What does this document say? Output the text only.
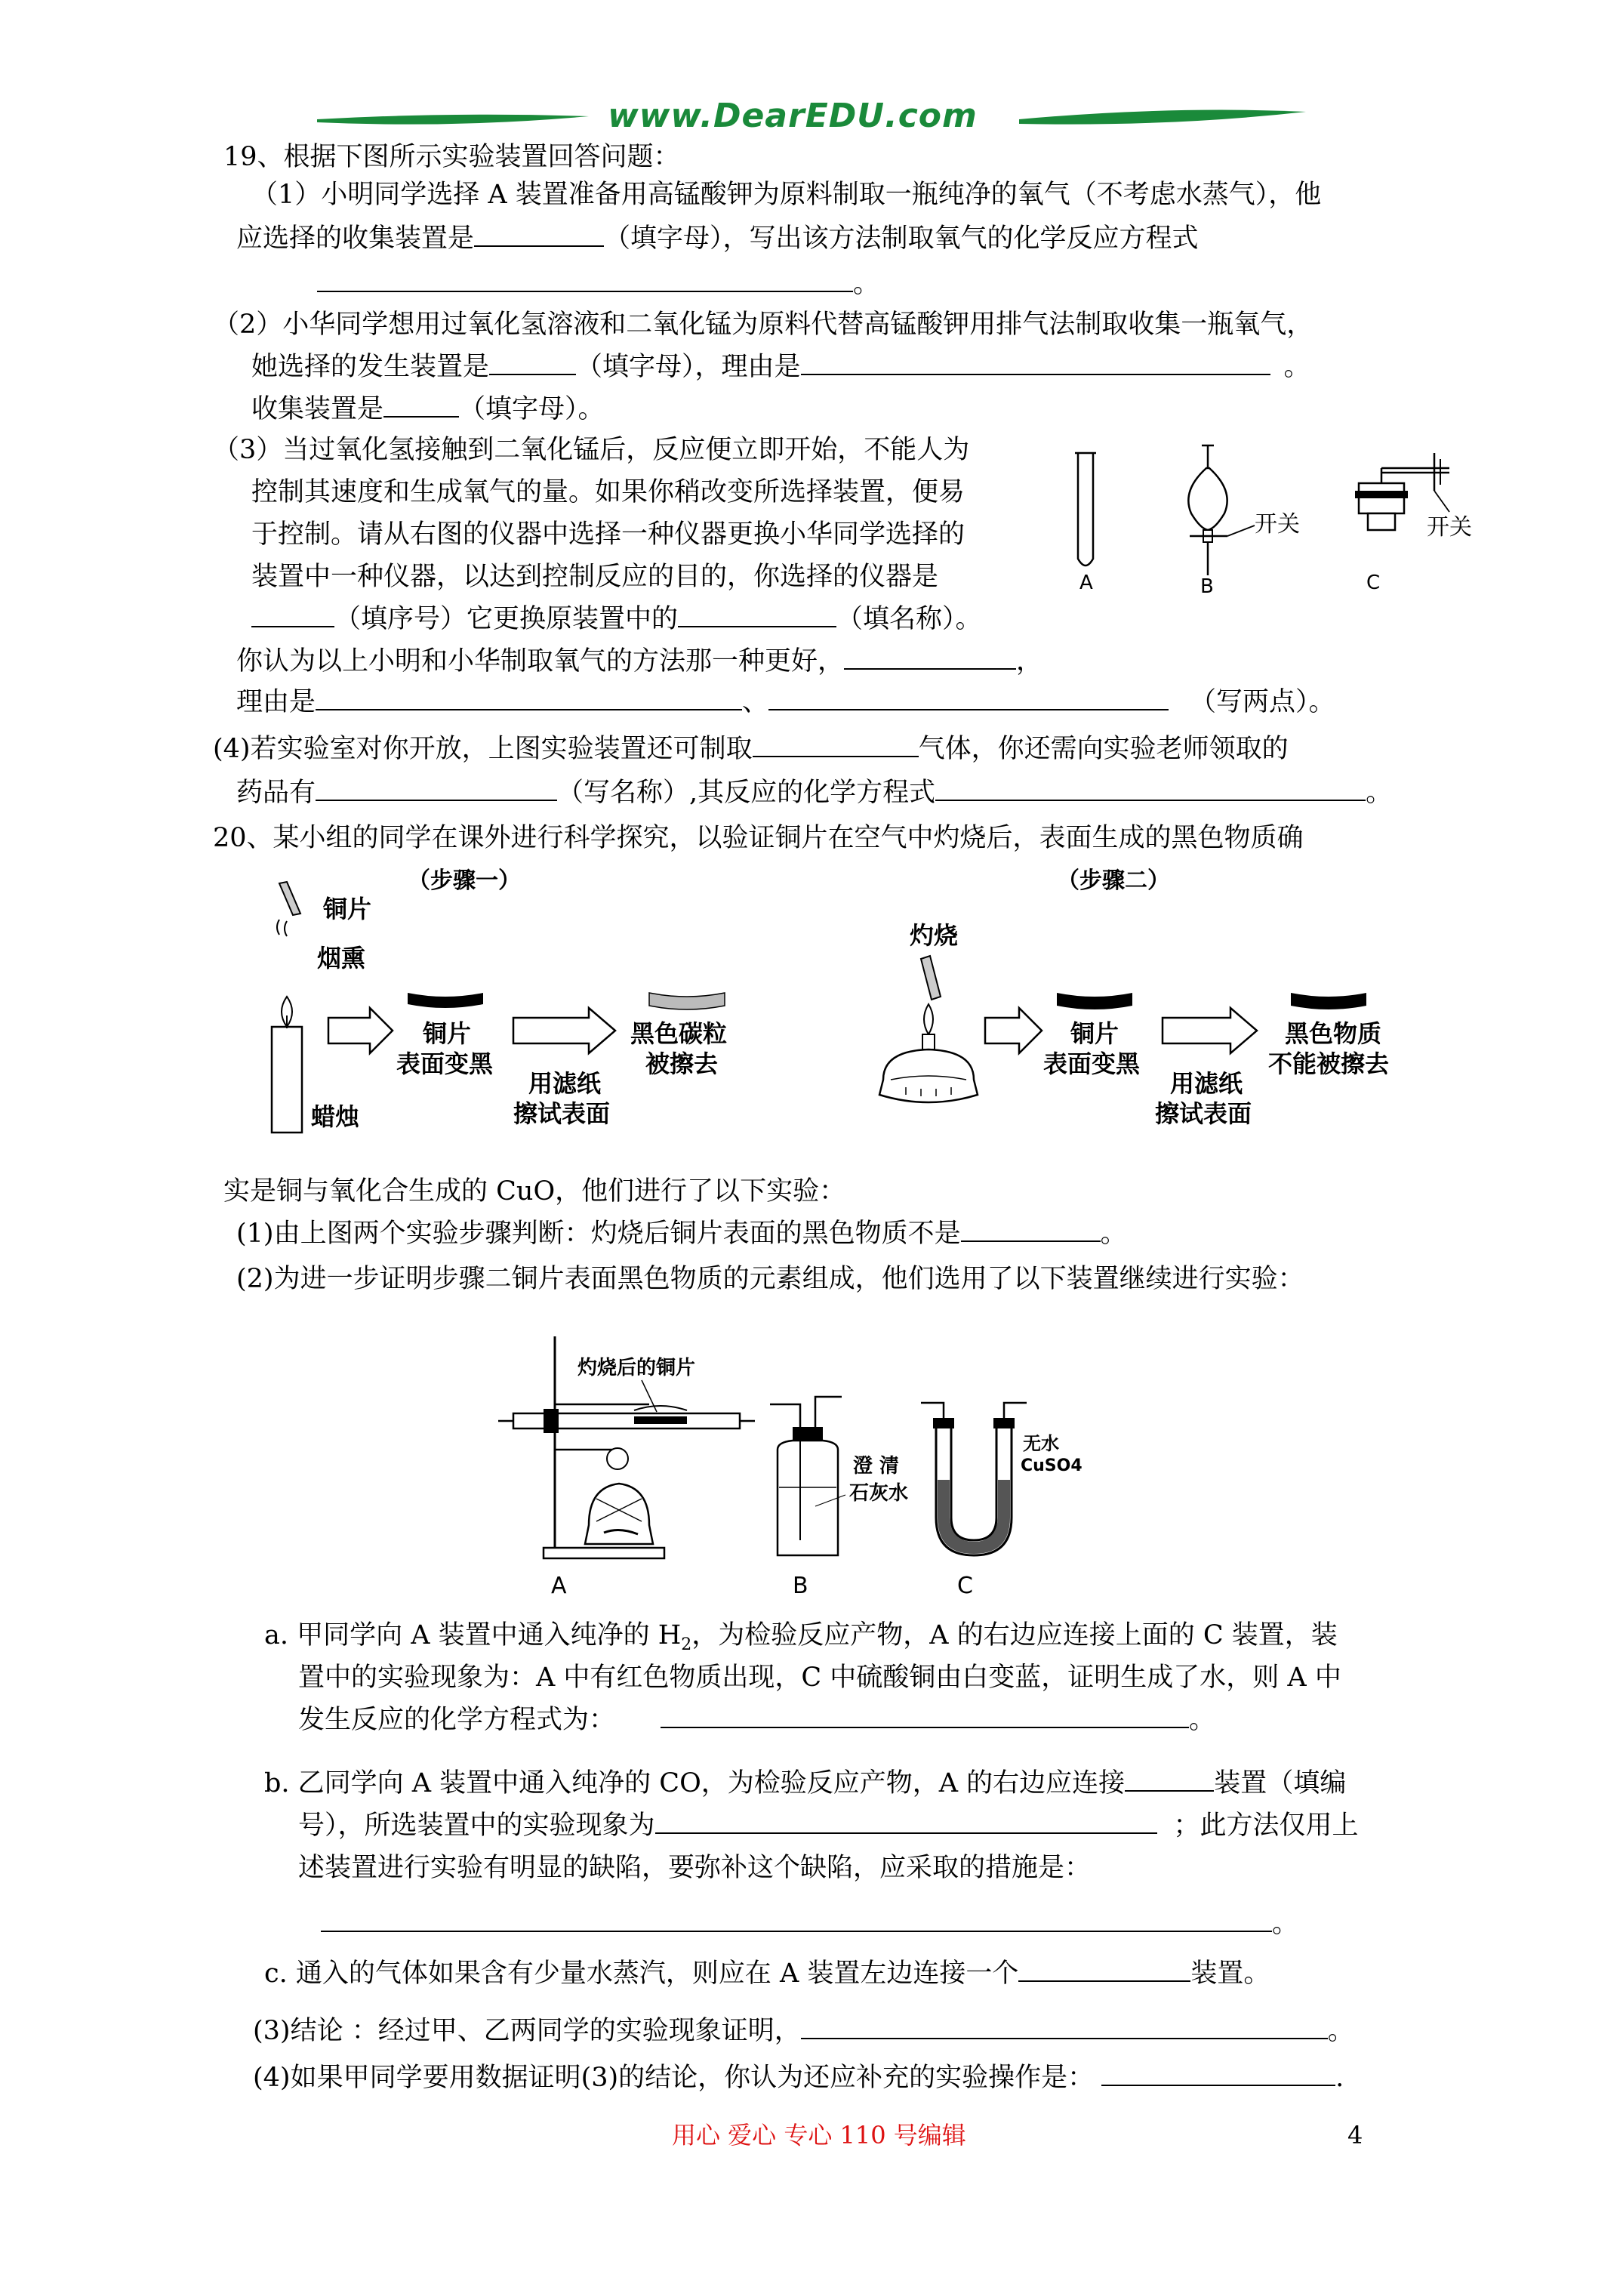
www.DearEDU.com
19、根据下图所示实验装置回答问题：
（1）小明同学选择 A 装置准备用高锰酸钾为原料制取一瓶纯净的氧气（不考虑水蒸气），他
应选择的收集装置是	（填字母），写出该方法制取氧气的化学反应方程式
。
（2）小华同学想用过氧化氢溶液和二氧化锰为原料代替高锰酸钾用排气法制取收集一瓶氧气，
她选择的发生装置是	（填字母），理由是	。
收集装置是	（填字母）。
（3）当过氧化氢接触到二氧化锰后，反应便立即开始，不能人为
控制其速度和生成氧气的量。如果你稍改变所选择装置，便易
于控制。请从右图的仪器中选择一种仪器更换小华同学选择的
装置中一种仪器，以达到控制反应的目的，你选择的仪器是
（填序号）它更换原装置中的	（填名称）。
你认为以上小明和小华制取氧气的方法那一种更好，	，
理由是	、	（写两点）。
(4)若实验室对你开放，上图实验装置还可制取	气体，你还需向实验老师领取的
药品有	（写名称）,其反应的化学方程式	。
A
开关
B
开关
C
20、某小组的同学在课外进行科学探究，以验证铜片在空气中灼烧后，表面生成的黑色物质确
（步骤一）	（步骤二）
铜片
烟熏
蜡烛
铜片
表面变黑
用滤纸
擦试表面
黑色碳粒
被擦去
灼烧
铜片
表面变黑
用滤纸
擦试表面
黑色物质
不能被擦去
实是铜与氧化合生成的 CuO，他们进行了以下实验：
(1)由上图两个实验步骤判断：灼烧后铜片表面的黑色物质不是	。
(2)为进一步证明步骤二铜片表面黑色物质的元素组成，他们选用了以下装置继续进行实验：
灼烧后的铜片
A
澄 清
石灰水
B
无水
CuSO4
C
a. 甲同学向 A 装置中通入纯净的 $H_2$，为检验反应产物，A 的右边应连接上面的 C 装置，装
置中的实验现象为：A 中有红色物质出现，C 中硫酸铜由白变蓝，证明生成了水，则 A 中
发生反应的化学方程式为：	。
b. 乙同学向 A 装置中通入纯净的 CO，为检验反应产物，A 的右边应连接	装置（填编
号），所选装置中的实验现象为	；此方法仅用上
述装置进行实验有明显的缺陷，要弥补这个缺陷，应采取的措施是：
。
c. 通入的气体如果含有少量水蒸汽，则应在 A 装置左边连接一个	装置。
(3)结论 ：经过甲、乙两同学的实验现象证明，	。
(4)如果甲同学要用数据证明(3)的结论，你认为还应补充的实验操作是：	.
用心 爱心 专心 110 号编辑	4
